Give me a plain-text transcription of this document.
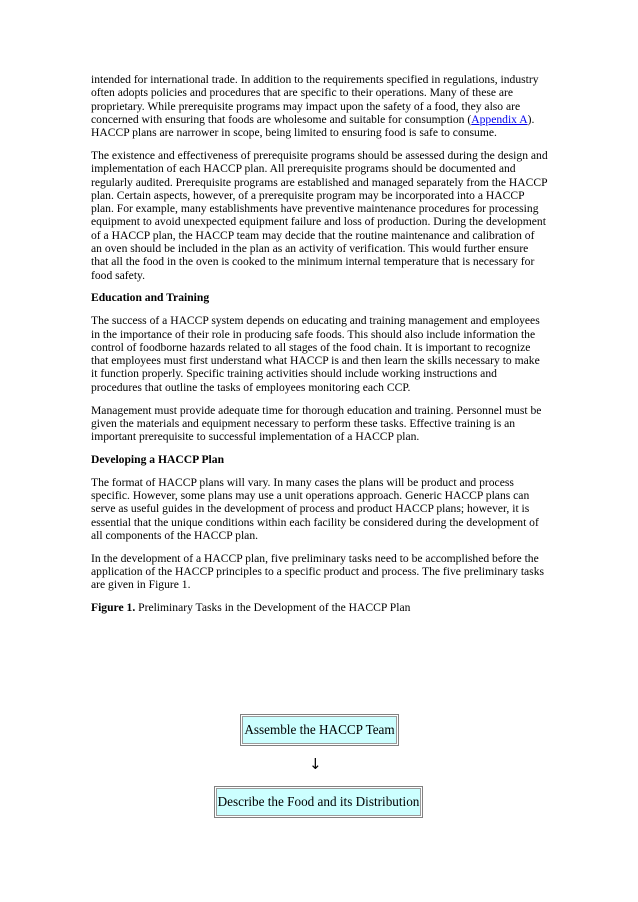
intended for international trade. In addition to the requirements specified in regulations, industry often adopts policies and procedures that are specific to their operations. Many of these are proprietary. While prerequisite programs may impact upon the safety of a food, they also are concerned with ensuring that foods are wholesome and suitable for consumption (Appendix A). HACCP plans are narrower in scope, being limited to ensuring food is safe to consume.

The existence and effectiveness of prerequisite programs should be assessed during the design and implementation of each HACCP plan. All prerequisite programs should be documented and regularly audited. Prerequisite programs are established and managed separately from the HACCP plan. Certain aspects, however, of a prerequisite program may be incorporated into a HACCP plan. For example, many establishments have preventive maintenance procedures for processing equipment to avoid unexpected equipment failure and loss of production. During the development of a HACCP plan, the HACCP team may decide that the routine maintenance and calibration of an oven should be included in the plan as an activity of verification. This would further ensure that all the food in the oven is cooked to the minimum internal temperature that is necessary for food safety.

Education and Training

The success of a HACCP system depends on educating and training management and employees in the importance of their role in producing safe foods. This should also include information the control of foodborne hazards related to all stages of the food chain. It is important to recognize that employees must first understand what HACCP is and then learn the skills necessary to make it function properly. Specific training activities should include working instructions and procedures that outline the tasks of employees monitoring each CCP.

Management must provide adequate time for thorough education and training. Personnel must be given the materials and equipment necessary to perform these tasks. Effective training is an important prerequisite to successful implementation of a HACCP plan.

Developing a HACCP Plan

The format of HACCP plans will vary. In many cases the plans will be product and process specific. However, some plans may use a unit operations approach. Generic HACCP plans can serve as useful guides in the development of process and product HACCP plans; however, it is essential that the unique conditions within each facility be considered during the development of all components of the HACCP plan.

In the development of a HACCP plan, five preliminary tasks need to be accomplished before the application of the HACCP principles to a specific product and process. The five preliminary tasks are given in Figure 1.

Figure 1. Preliminary Tasks in the Development of the HACCP Plan

Assemble the HACCP Team
↓
Describe the Food and its Distribution
